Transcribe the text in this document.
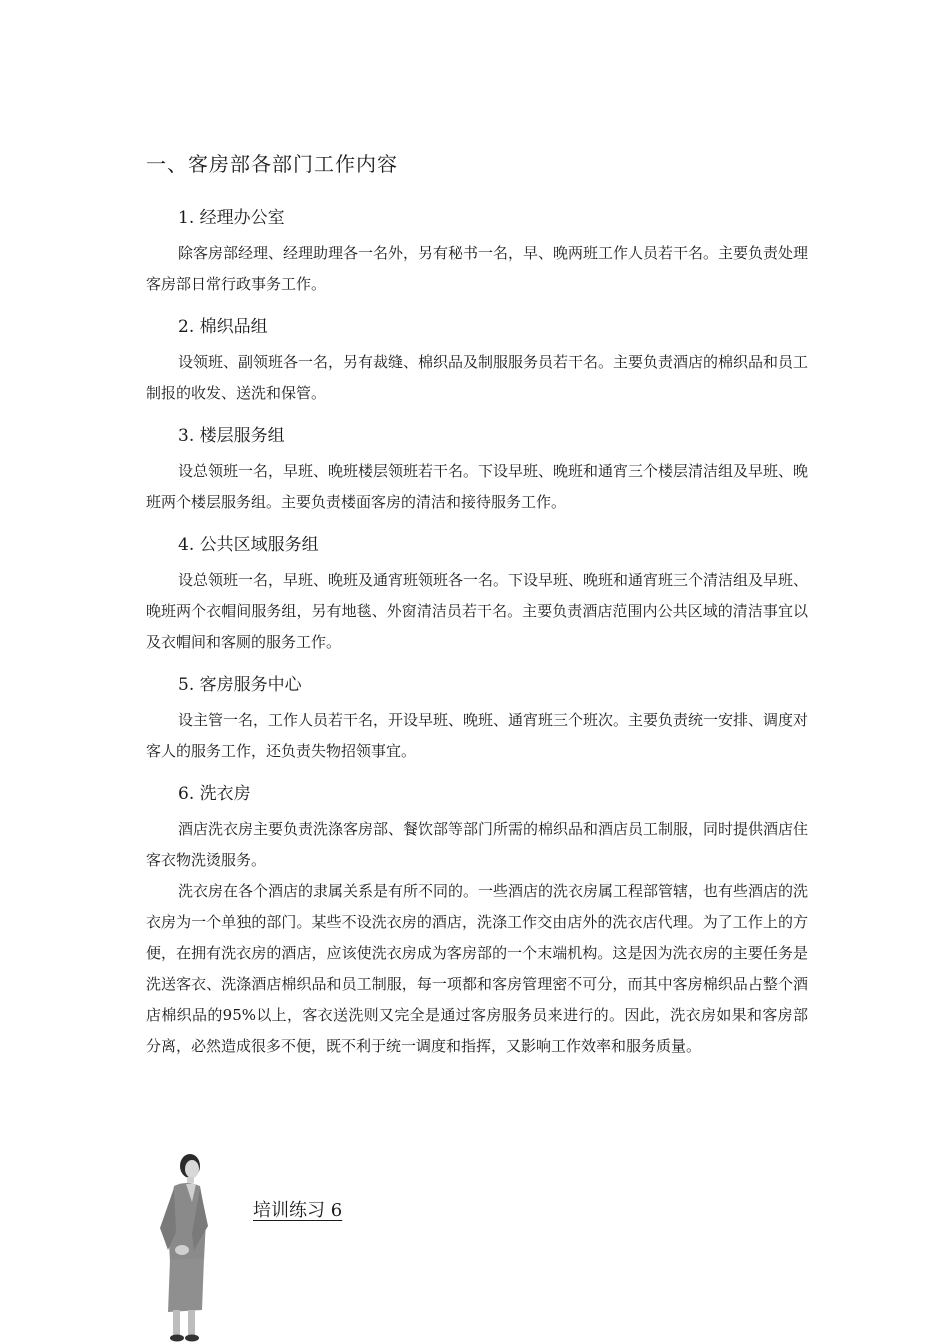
一、客房部各部门工作内容
1. 经理办公室

除客房部经理、经理助理各一名外，另有秘书一名，早、晚两班工作人员若干名。主要负责处理客房部日常行政事务工作。

2. 棉织品组

设领班、副领班各一名，另有裁缝、棉织品及制服服务员若干名。主要负责酒店的棉织品和员工制报的收发、送洗和保管。

3. 楼层服务组

设总领班一名，早班、晚班楼层领班若干名。下设早班、晚班和通宵三个楼层清洁组及早班、晚班两个楼层服务组。主要负责楼面客房的清洁和接待服务工作。

4. 公共区域服务组

设总领班一名，早班、晚班及通宵班领班各一名。下设早班、晚班和通宵班三个清洁组及早班、晚班两个衣帽间服务组，另有地毯、外窗清洁员若干名。主要负责酒店范围内公共区域的清洁事宜以及衣帽间和客厕的服务工作。

5. 客房服务中心

设主管一名，工作人员若干名，开设早班、晚班、通宵班三个班次。主要负责统一安排、调度对客人的服务工作，还负责失物招领事宜。

6. 洗衣房

酒店洗衣房主要负责洗涤客房部、餐饮部等部门所需的棉织品和酒店员工制服，同时提供酒店住客衣物洗烫服务。

洗衣房在各个酒店的隶属关系是有所不同的。一些酒店的洗衣房属工程部管辖，也有些酒店的洗衣房为一个单独的部门。某些不设洗衣房的酒店，洗涤工作交由店外的洗衣店代理。为了工作上的方便，在拥有洗衣房的酒店，应该使洗衣房成为客房部的一个末端机构。这是因为洗衣房的主要任务是洗送客衣、洗涤酒店棉织品和员工制服，每一项都和客房管理密不可分，而其中客房棉织品占整个酒店棉织品的95%以上，客衣送洗则又完全是通过客房服务员来进行的。因此，洗衣房如果和客房部分离，必然造成很多不便，既不利于统一调度和指挥，又影响工作效率和服务质量。

培训练习 6
